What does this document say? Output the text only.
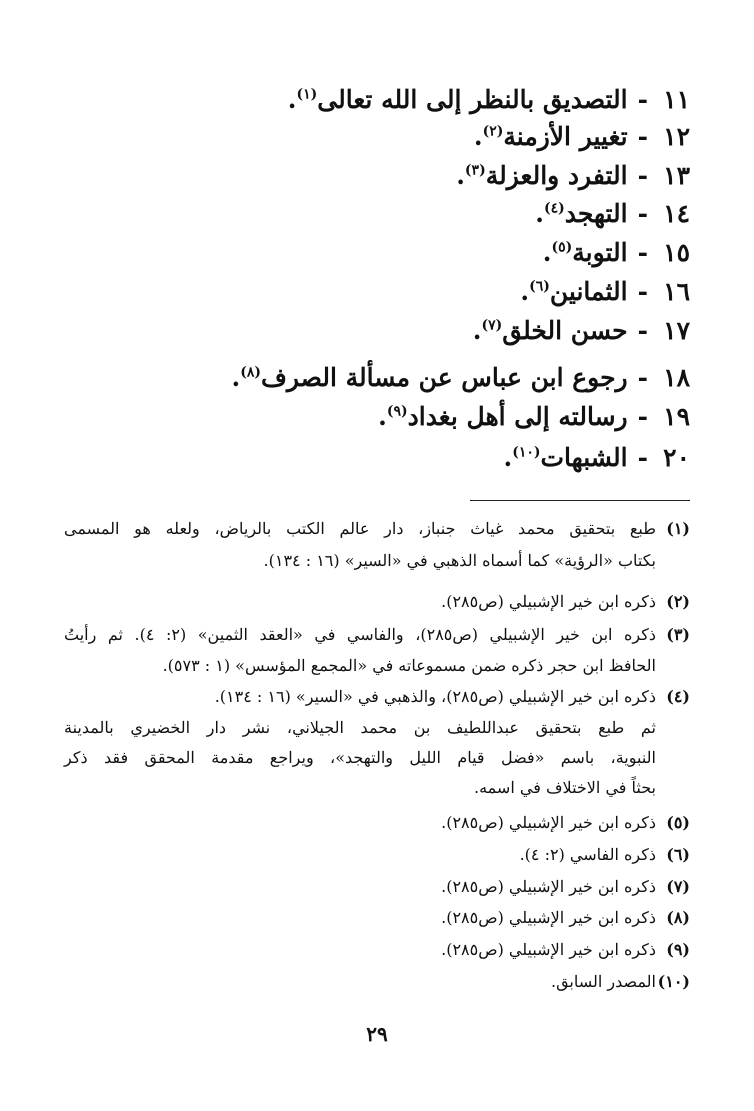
١١-التصديق بالنظر إلى الله تعالى$^{(١)}$.
١٢-تغيير الأزمنة$^{(٢)}$.
١٣-التفرد والعزلة$^{(٣)}$.
١٤-التهجد$^{(٤)}$.
١٥-التوبة$^{(٥)}$.
١٦-الثمانين$^{(٦)}$.
١٧-حسن الخلق$^{(٧)}$.
١٨-رجوع ابن عباس عن مسألة الصرف$^{(٨)}$.
١٩-رسالته إلى أهل بغداد$^{(٩)}$.
٢٠-الشبهات$^{(١٠)}$.
(١)طبع بتحقيق محمد غياث جنباز، دار عالم الكتب بالرياض، ولعله هو المسمى
بكتاب «الرؤية» كما أسماه الذهبي في «السير» (١٦ : ١٣٤).
(٢)ذكره ابن خير الإشبيلي (ص٢٨٥).
(٣)ذكره ابن خير الإشبيلي (ص٢٨٥)، والفاسي في «العقد الثمين» (٢: ٤). ثم رأيتُ
الحافظ ابن حجر ذكره ضمن مسموعاته في «المجمع المؤسس» (١ : ٥٧٣).
(٤)ذكره ابن خير الإشبيلي (ص٢٨٥)، والذهبي في «السير» (١٦ : ١٣٤).
ثم طبع بتحقيق عبداللطيف بن محمد الجيلاني، نشر دار الخضيري بالمدينة
النبوية، باسم «فضل قيام الليل والتهجد»، ويراجع مقدمة المحقق فقد ذكر
بحثاً في الاختلاف في اسمه.
(٥)ذكره ابن خير الإشبيلي (ص٢٨٥).
(٦)ذكره الفاسي (٢: ٤).
(٧)ذكره ابن خير الإشبيلي (ص٢٨٥).
(٨)ذكره ابن خير الإشبيلي (ص٢٨٥).
(٩)ذكره ابن خير الإشبيلي (ص٢٨٥).
(١٠)المصدر السابق.
٢٩
